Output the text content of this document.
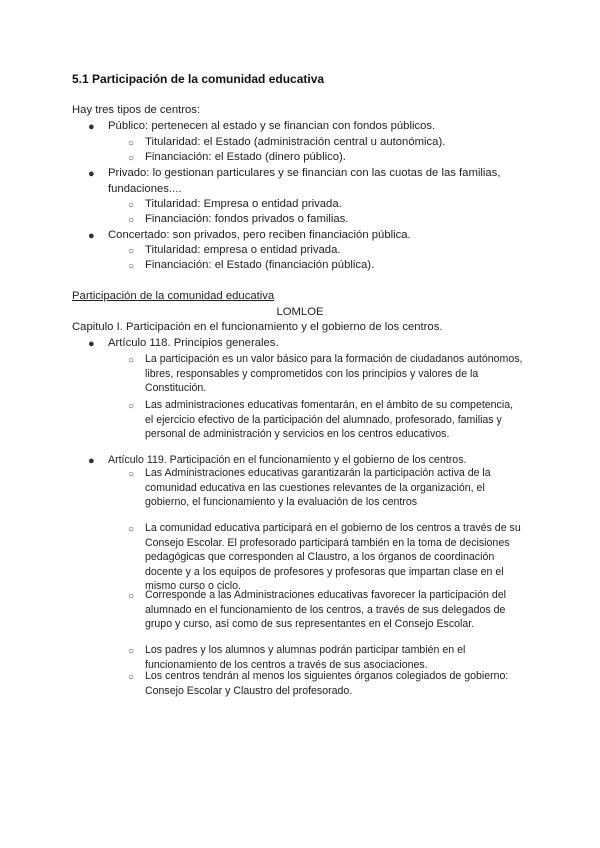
5.1 Participación de la comunidad educativa
Hay tres tipos de centros:
● Público: pertenecen al estado y se financian con fondos públicos.
○ Titularidad: el Estado (administración central u autonómica).
○ Financiación: el Estado (dinero público).
● Privado: lo gestionan particulares y se financian con las cuotas de las familias, fundaciones....
○ Titularidad: Empresa o entidad privada.
○ Financiación: fondos privados o familias.
● Concertado: son privados, pero reciben financiación pública.
○ Titularidad: empresa o entidad privada.
○ Financiación: el Estado (financiación pública).
Participación de la comunidad educativa
LOMLOE
Capitulo I. Participación en el funcionamiento y el gobierno de los centros.
● Artículo 118. Principios generales.
○ La participación es un valor básico para la formación de ciudadanos autónomos, libres, responsables y comprometidos con los principios y valores de la Constitución.
○ Las administraciones educativas fomentarán, en el ámbito de su competencia, el ejercicio efectivo de la participación del alumnado, profesorado, familias y personal de administración y servicios en los centros educativos.
● Artículo 119. Participación en el funcionamiento y el gobierno de los centros.
○ Las Administraciones educativas garantizarán la participación activa de la comunidad educativa en las cuestiones relevantes de la organización, el gobierno, el funcionamiento y la evaluación de los centros
○ La comunidad educativa participará en el gobierno de los centros a través de su Consejo Escolar. El profesorado participará también en la toma de decisiones pedagógicas que corresponden al Claustro, a los órganos de coordinación docente y a los equipos de profesores y profesoras que impartan clase en el mismo curso o ciclo.
○ Corresponde a las Administraciones educativas favorecer la participación del alumnado en el funcionamiento de los centros, a través de sus delegados de grupo y curso, así como de sus representantes en el Consejo Escolar.
○ Los padres y los alumnos y alumnas podrán participar también en el funcionamiento de los centros a través de sus asociaciones.
○ Los centros tendrán al menos los siguientes órganos colegiados de gobierno: Consejo Escolar y Claustro del profesorado.
